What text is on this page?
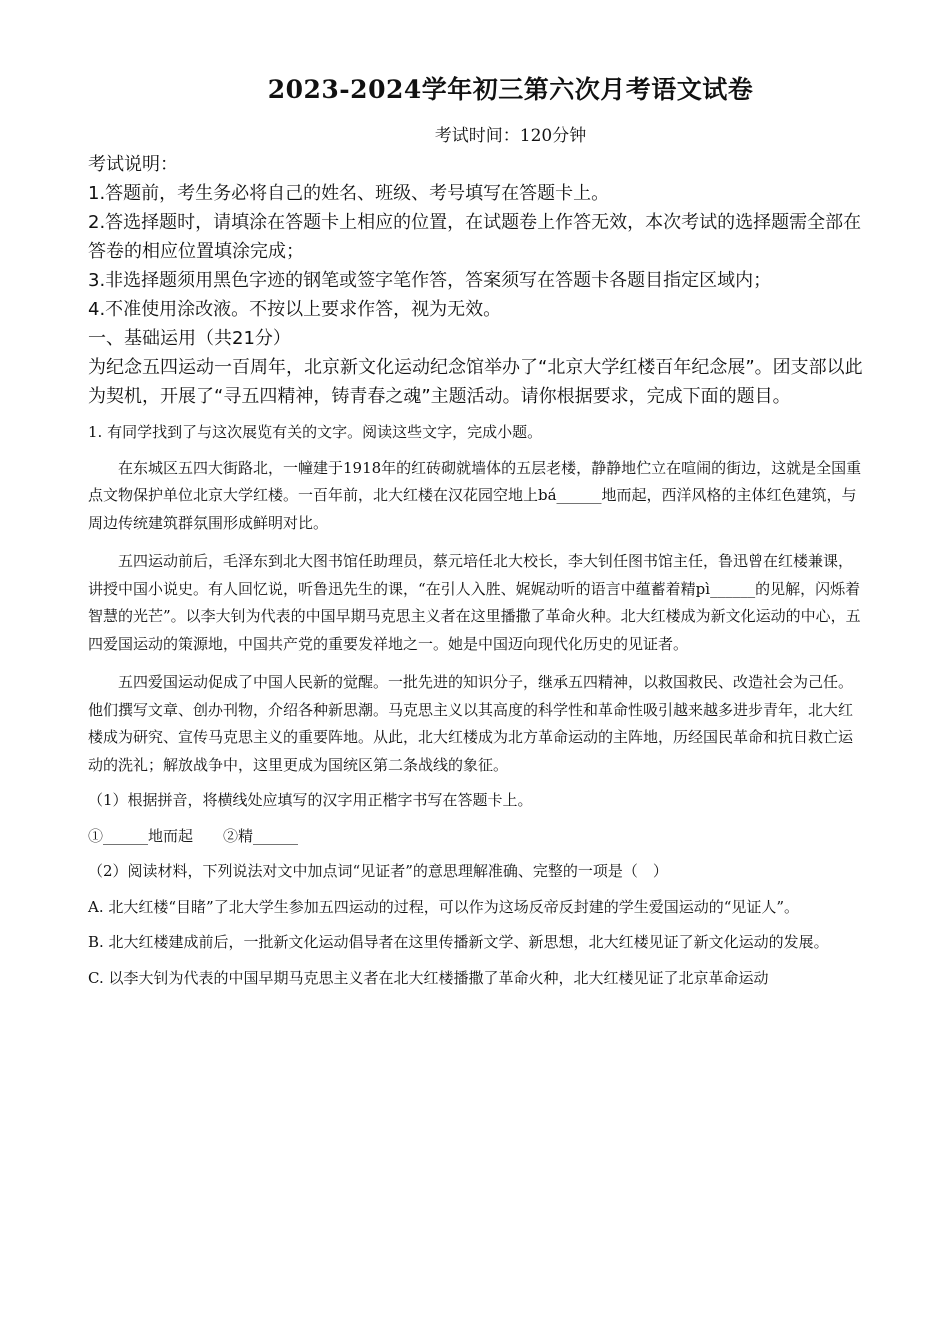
2023-2024学年初三第六次月考语文试卷
考试时间：120分钟

考试说明：

1.答题前，考生务必将自己的姓名、班级、考号填写在答题卡上。

2.答选择题时，请填涂在答题卡上相应的位置，在试题卷上作答无效，本次考试的选择题需全部在答卷的相应位置填涂完成；

3.非选择题须用黑色字迹的钢笔或签字笔作答，答案须写在答题卡各题目指定区域内；

4.不准使用涂改液。不按以上要求作答，视为无效。

一、基础运用（共21分）

为纪念五四运动一百周年，北京新文化运动纪念馆举办了“北京大学红楼百年纪念展”。团支部以此为契机，开展了“寻五四精神，铸青春之魂”主题活动。请你根据要求，完成下面的题目。

1. 有同学找到了与这次展览有关的文字。阅读这些文字，完成小题。

在东城区五四大街路北，一幢建于1918年的红砖砌就墙体的五层老楼，静静地伫立在喧闹的街边，这就是全国重点文物保护单位北京大学红楼。一百年前，北大红楼在汉花园空地上bá______地而起，西洋风格的主体红色建筑，与周边传统建筑群氛围形成鲜明对比。

五四运动前后，毛泽东到北大图书馆任助理员，蔡元培任北大校长，李大钊任图书馆主任，鲁迅曾在红楼兼课，讲授中国小说史。有人回忆说，听鲁迅先生的课，“在引人入胜、娓娓动听的语言中蕴蓄着精pì______的见解，闪烁着智慧的光芒”。以李大钊为代表的中国早期马克思主义者在这里播撒了革命火种。北大红楼成为新文化运动的中心，五四爱国运动的策源地，中国共产党的重要发祥地之一。她是中国迈向现代化历史的见证者。

五四爱国运动促成了中国人民新的觉醒。一批先进的知识分子，继承五四精神，以救国救民、改造社会为己任。他们撰写文章、创办刊物，介绍各种新思潮。马克思主义以其高度的科学性和革命性吸引越来越多进步青年，北大红楼成为研究、宣传马克思主义的重要阵地。从此，北大红楼成为北方革命运动的主阵地，历经国民革命和抗日救亡运动的洗礼；解放战争中，这里更成为国统区第二条战线的象征。

（1）根据拼音，将横线处应填写的汉字用正楷字书写在答题卡上。

①______地而起　　②精______

（2）阅读材料，下列说法对文中加点词“见证者”的意思理解准确、完整的一项是（　）

A. 北大红楼“目睹”了北大学生参加五四运动的过程，可以作为这场反帝反封建的学生爱国运动的“见证人”。

B. 北大红楼建成前后，一批新文化运动倡导者在这里传播新文学、新思想，北大红楼见证了新文化运动的发展。

C. 以李大钊为代表的中国早期马克思主义者在北大红楼播撒了革命火种，北大红楼见证了北京革命运动
